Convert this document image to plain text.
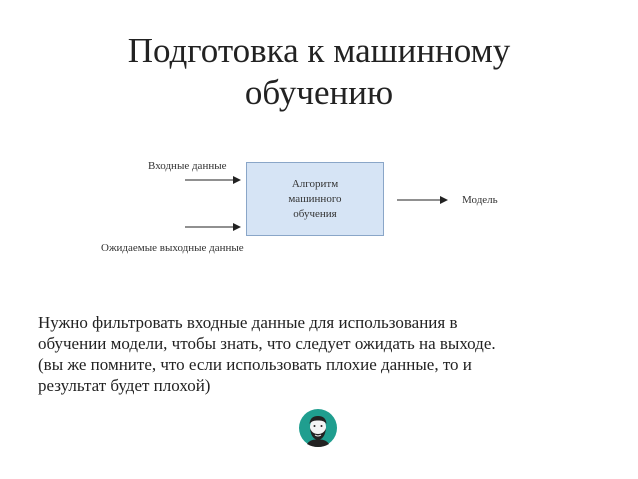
Подготовка к машинному
обучению
Входные данные
Ожидаемые выходные данные
Алгоритм
машинного
обучения
Модель
Нужно фильтровать входные данные для использования в
обучении модели, чтобы знать, что следует ожидать на выходе.
(вы же помните, что если использовать плохие данные, то и
результат будет плохой)
